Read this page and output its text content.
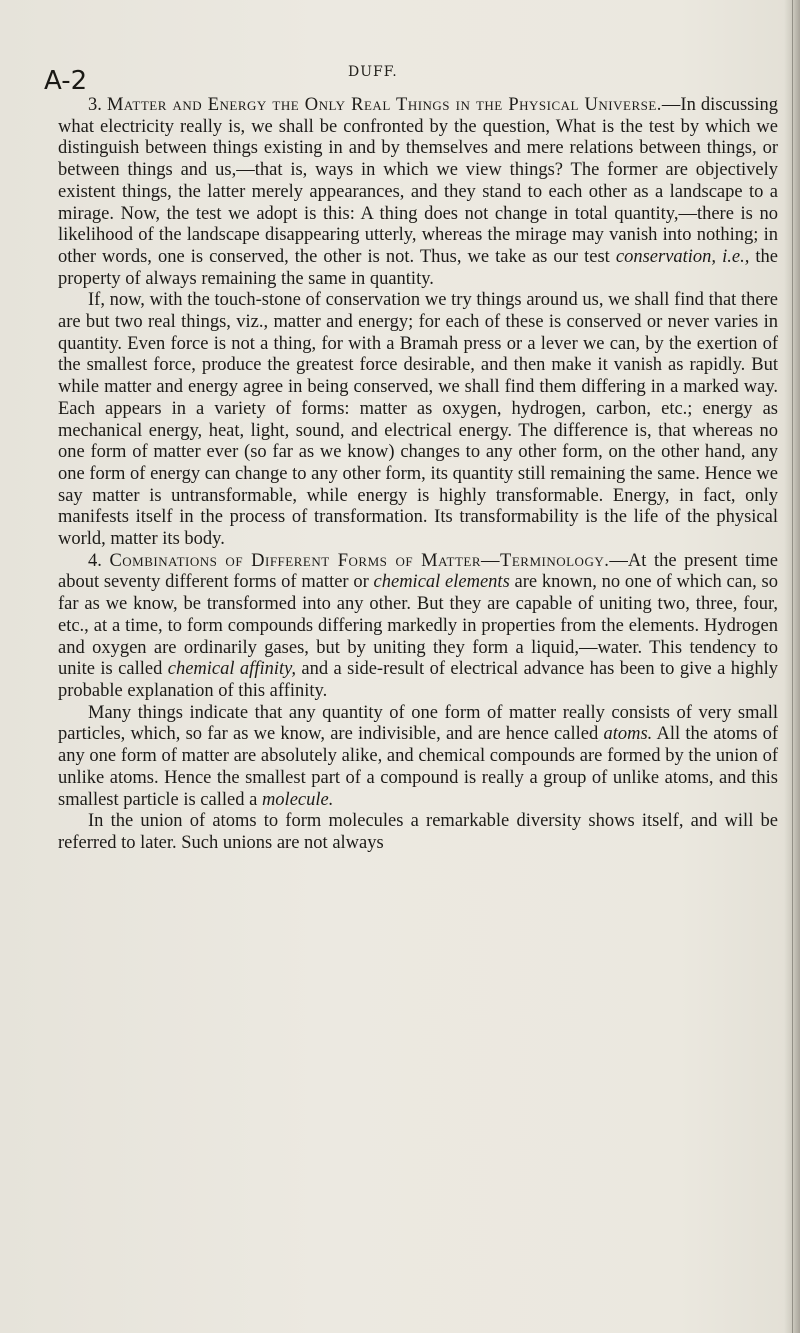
A-2	DUFF.

3. Matter and Energy the Only Real Things in the Physical Universe.—In discussing what electricity really is, we shall be confronted by the question, What is the test by which we distinguish between things existing in and by themselves and mere relations between things, or between things and us,—that is, ways in which we view things? The former are objectively existent things, the latter merely appearances, and they stand to each other as a landscape to a mirage. Now, the test we adopt is this: A thing does not change in total quantity,—there is no likelihood of the landscape disappearing utterly, whereas the mirage may vanish into nothing; in other words, one is conserved, the other is not. Thus, we take as our test conservation, i.e., the property of always remaining the same in quantity.

If, now, with the touch-stone of conservation we try things around us, we shall find that there are but two real things, viz., matter and energy; for each of these is conserved or never varies in quantity. Even force is not a thing, for with a Bramah press or a lever we can, by the exertion of the smallest force, produce the greatest force desirable, and then make it vanish as rapidly. But while matter and energy agree in being conserved, we shall find them differing in a marked way. Each appears in a variety of forms: matter as oxygen, hydrogen, carbon, etc.; energy as mechanical energy, heat, light, sound, and electrical energy. The difference is, that whereas no one form of matter ever (so far as we know) changes to any other form, on the other hand, any one form of energy can change to any other form, its quantity still remaining the same. Hence we say matter is untransformable, while energy is highly transformable. Energy, in fact, only manifests itself in the process of transformation. Its transformability is the life of the physical world, matter its body.

4. Combinations of Different Forms of Matter—Terminology.—At the present time about seventy different forms of matter or chemical elements are known, no one of which can, so far as we know, be transformed into any other. But they are capable of uniting two, three, four, etc., at a time, to form compounds differing markedly in properties from the elements. Hydrogen and oxygen are ordinarily gases, but by uniting they form a liquid,—water. This tendency to unite is called chemical affinity, and a side-result of electrical advance has been to give a highly probable explanation of this affinity.

Many things indicate that any quantity of one form of matter really consists of very small particles, which, so far as we know, are indivisible, and are hence called atoms. All the atoms of any one form of matter are absolutely alike, and chemical compounds are formed by the union of unlike atoms. Hence the smallest part of a compound is really a group of unlike atoms, and this smallest particle is called a molecule.

In the union of atoms to form molecules a remarkable diversity shows itself, and will be referred to later. Such unions are not always
